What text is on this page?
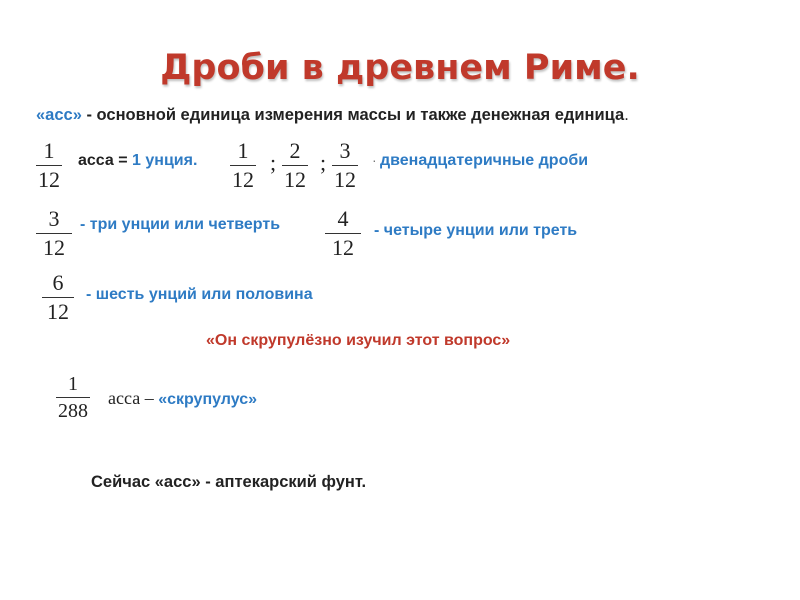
Дроби в древнем Риме.
«асс» - основной единица измерения массы и также денежная единица.
1
12
асса = 1 унция. 1
12
; 2
12
; 3
12
· двенадцатеричные дроби
3
12
- три унции или четверть	4
12
- четыре унции или треть
6
12
- шесть унций или половина
«Он скрупулёзно изучил этот вопрос»
1
288
асса – «скрупулус»
Сейчас «асс» - аптекарский фунт.
